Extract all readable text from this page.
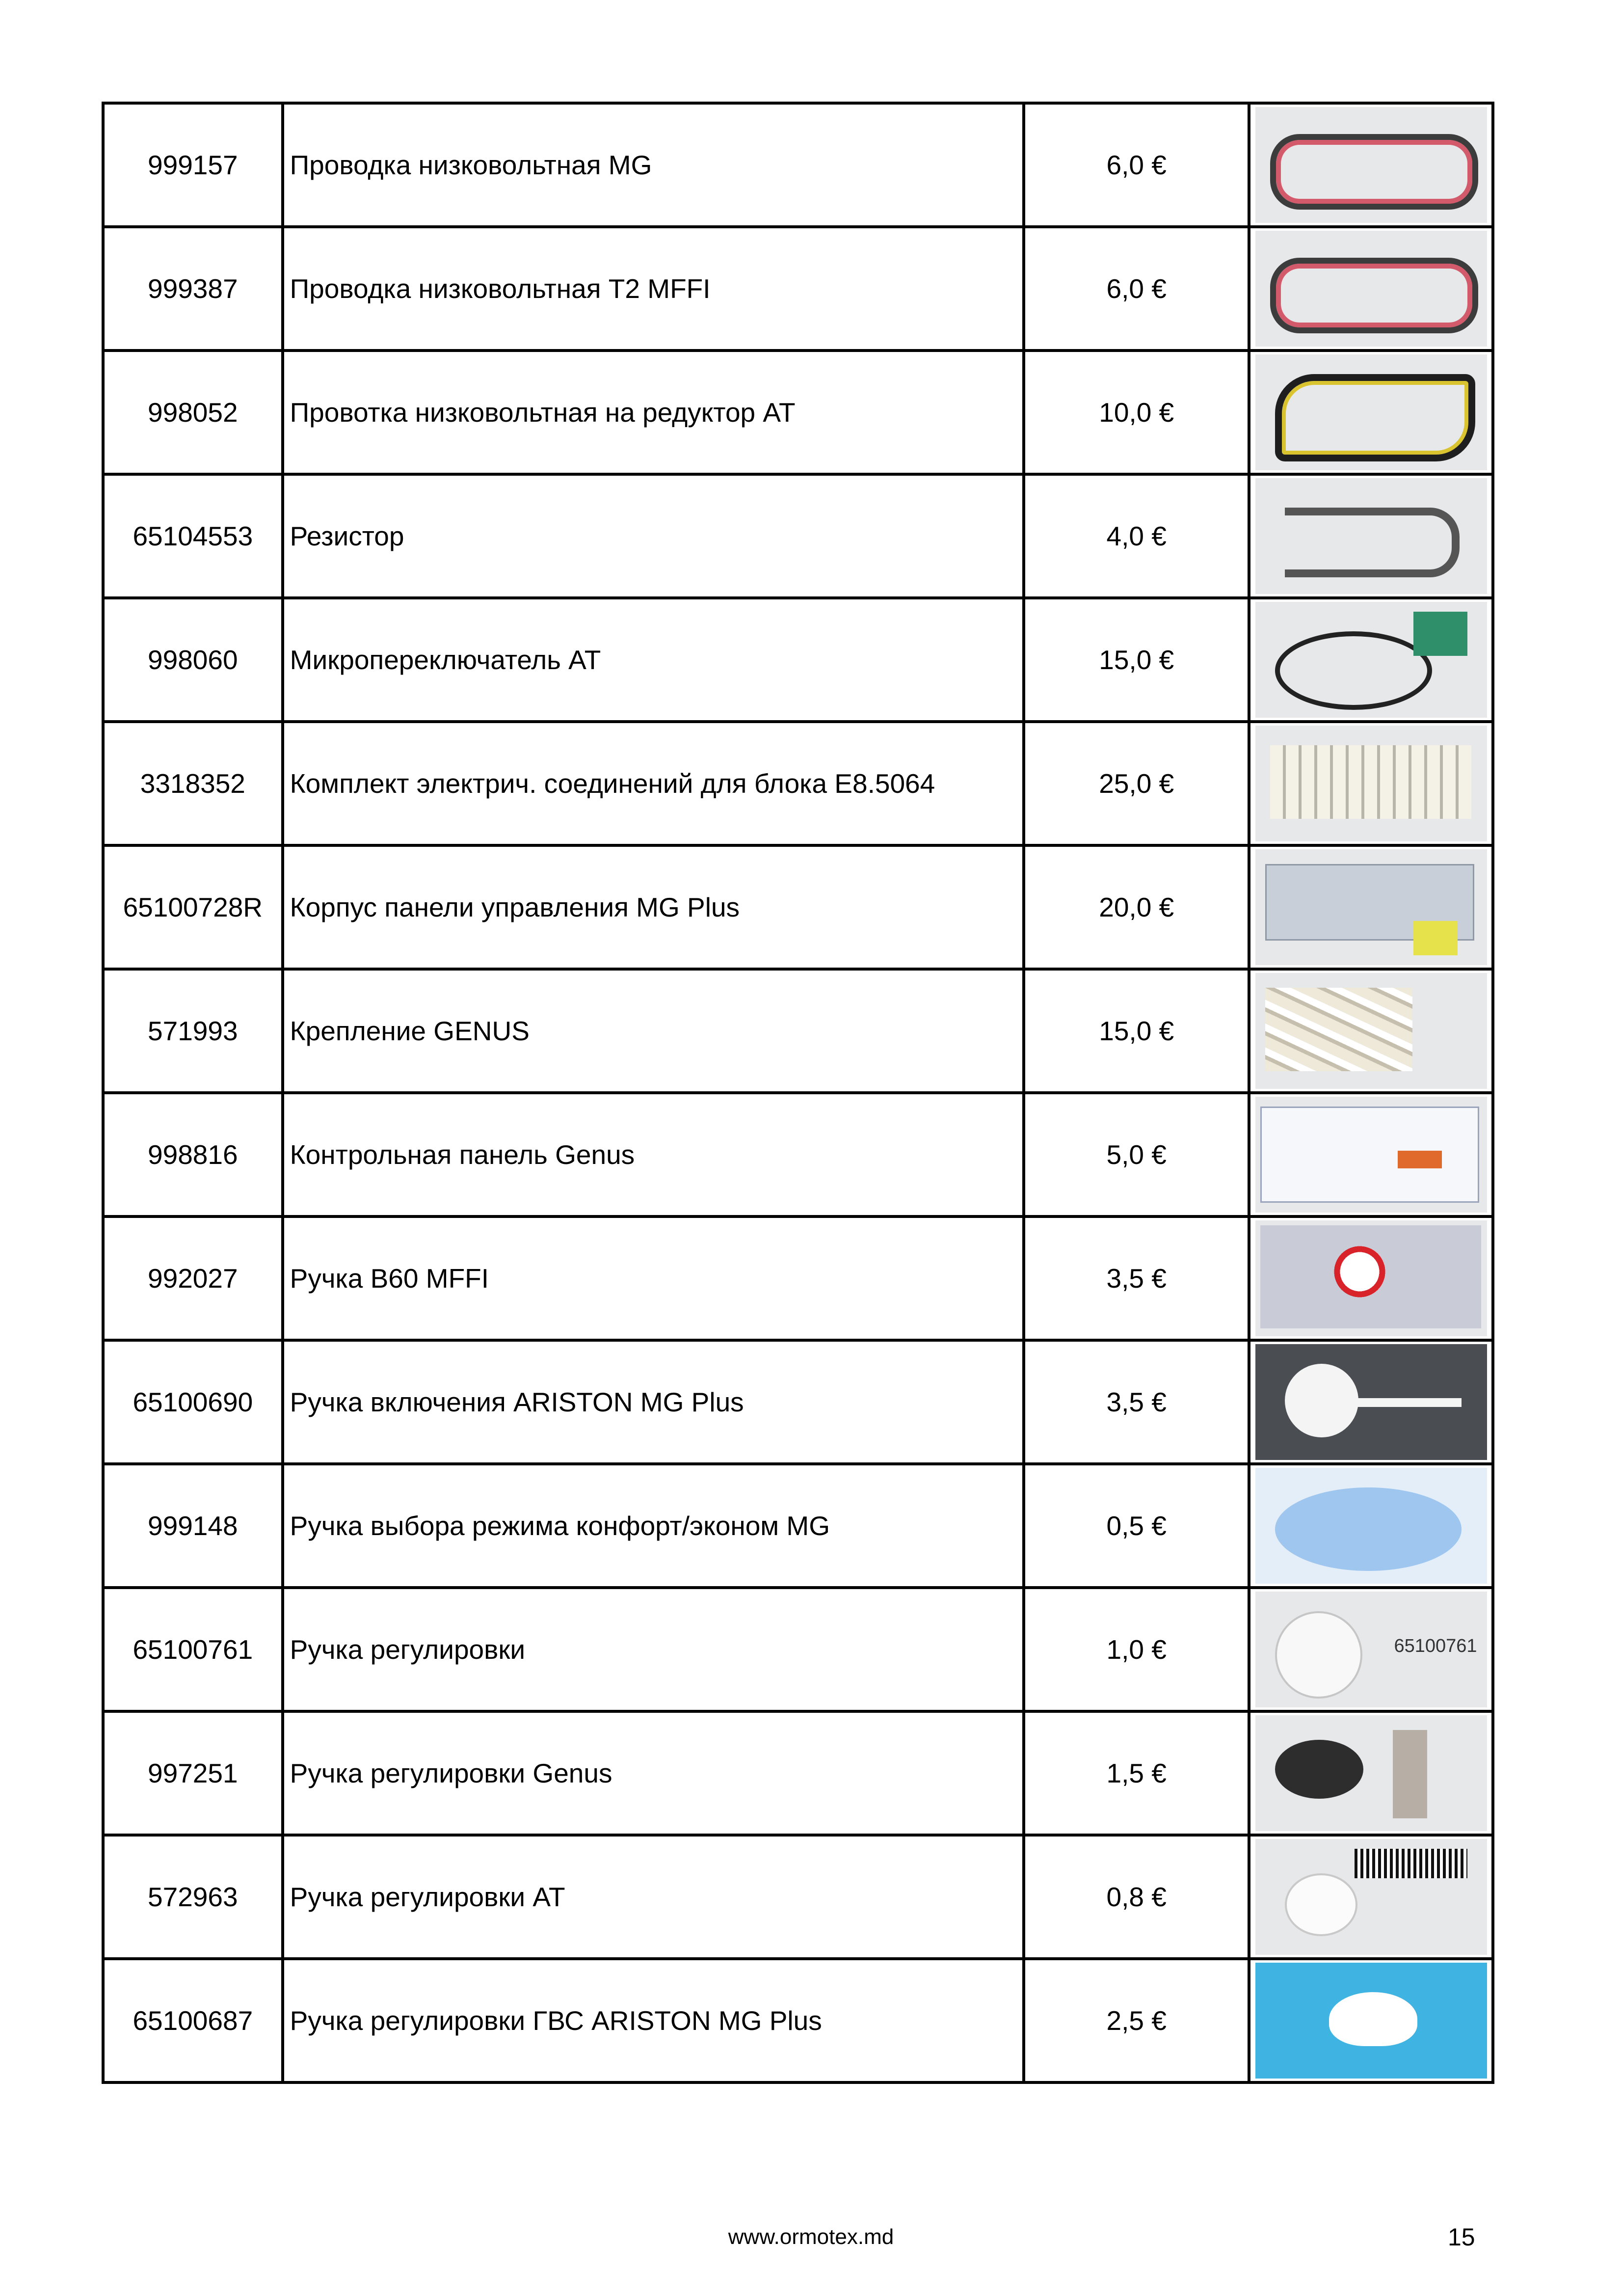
999157	Проводка низковольтная MG	6,0 €	

999387	Проводка низковольтная T2 MFFI	6,0 €	

998052	Провотка низковольтная на редуктор AT	10,0 €	

65104553	Резистор	4,0 €	

998060	Микропереключатель AT	15,0 €	

3318352	Комплект электрич. соединений для блока E8.5064	25,0 €	

65100728R	Корпус панели управления MG Plus	20,0 €	

571993	Крепление GENUS	15,0 €	

998816	Контрольная панель Genus	5,0 €	

992027	Ручка B60 MFFI	3,5 €	

65100690	Ручка включения ARISTON MG Plus	3,5 €	

999148	Ручка выбора режима конфорт/эконом MG	0,5 €	

65100761	Ручка регулировки	1,0 €	65100761

997251	Ручка регулировки Genus	1,5 €	

572963	Ручка регулировки AT	0,8 €	

65100687	Ручка регулировки ГВС ARISTON MG Plus	2,5 €	
www.ormotex.md	15
